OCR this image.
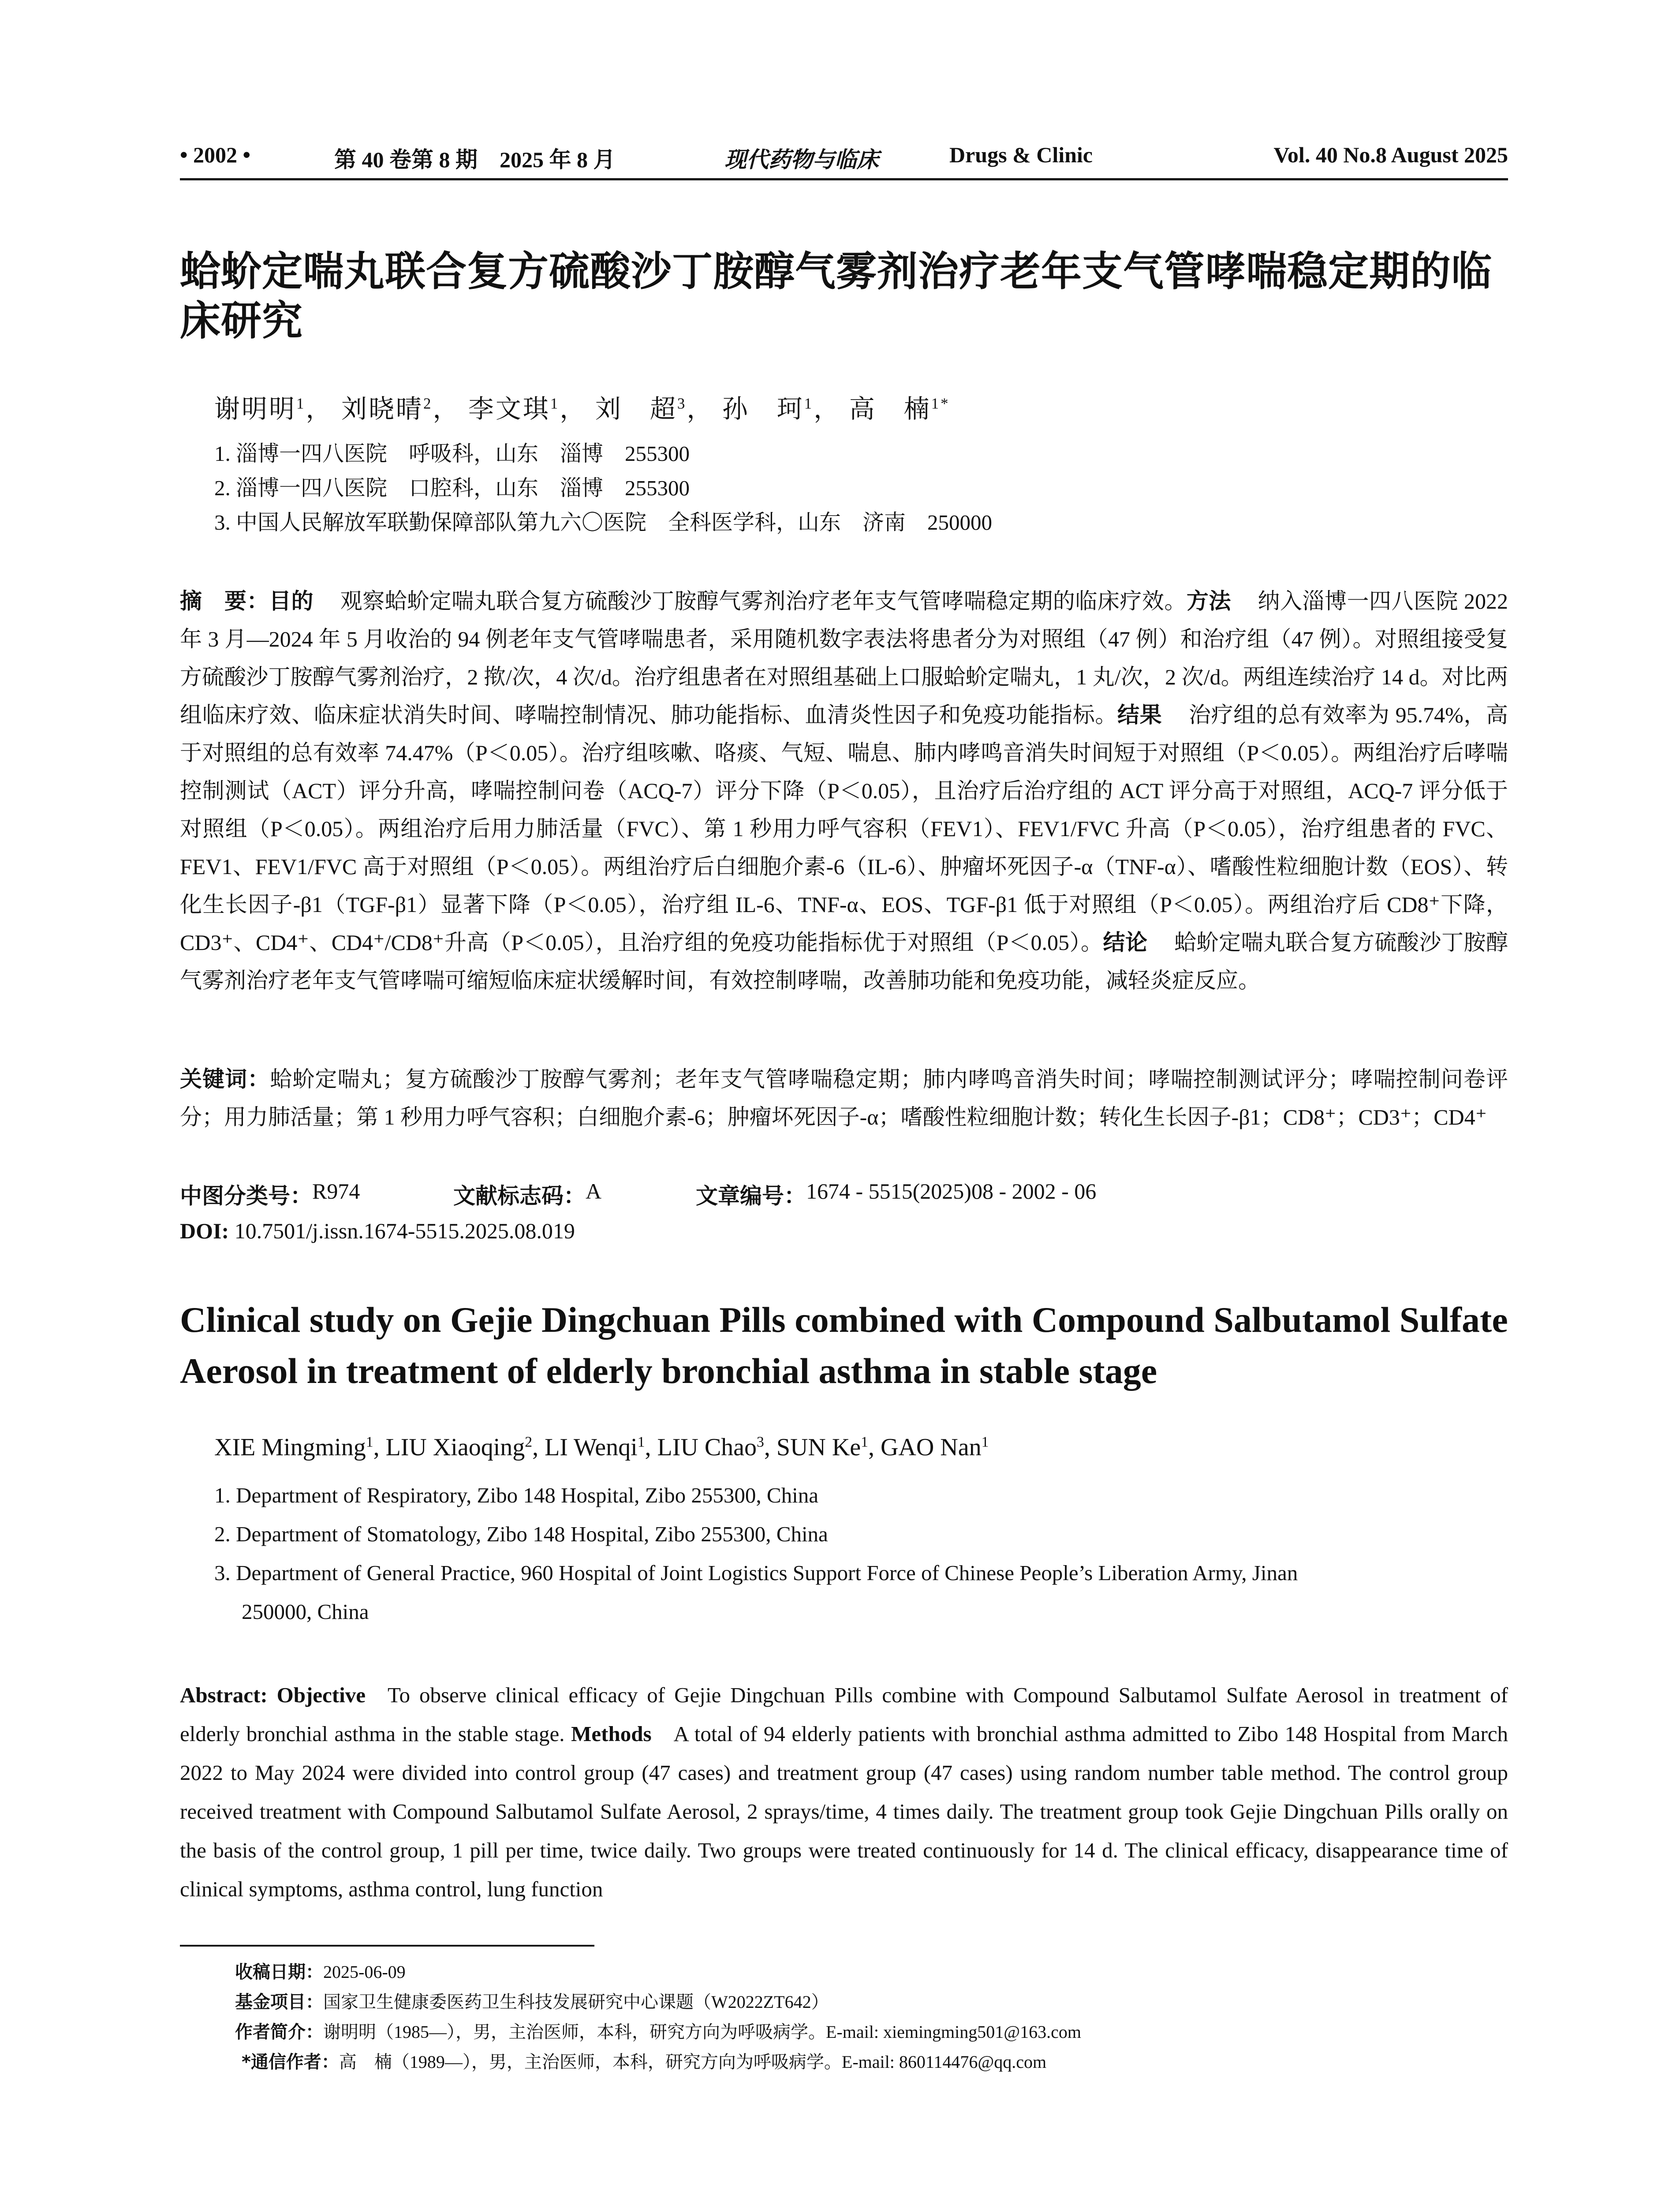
• 2002 •	第 40 卷第 8 期　2025 年 8 月	现代药物与临床	Drugs & Clinic	Vol. 40 No.8 August 2025
蛤蚧定喘丸联合复方硫酸沙丁胺醇气雾剂治疗老年支气管哮喘稳定期的临床研究
谢明明$^1$， 刘晓晴$^2$， 李文琪$^1$， 刘　超$^3$， 孙　珂$^1$， 高　楠$^{1*}$
1. 淄博一四八医院　呼吸科，山东　淄博　255300
2. 淄博一四八医院　口腔科，山东　淄博　255300
3. 中国人民解放军联勤保障部队第九六〇医院　全科医学科，山东　济南　250000
摘　要：目的 观察蛤蚧定喘丸联合复方硫酸沙丁胺醇气雾剂治疗老年支气管哮喘稳定期的临床疗效。方法 纳入淄博一四八医院 2022 年 3 月—2024 年 5 月收治的 94 例老年支气管哮喘患者，采用随机数字表法将患者分为对照组（47 例）和治疗组（47 例）。对照组接受复方硫酸沙丁胺醇气雾剂治疗，2 揿/次，4 次/d。治疗组患者在对照组基础上口服蛤蚧定喘丸，1 丸/次，2 次/d。两组连续治疗 14 d。对比两组临床疗效、临床症状消失时间、哮喘控制情况、肺功能指标、血清炎性因子和免疫功能指标。结果 治疗组的总有效率为 95.74%，高于对照组的总有效率 74.47%（P＜0.05）。治疗组咳嗽、咯痰、气短、喘息、肺内哮鸣音消失时间短于对照组（P＜0.05）。两组治疗后哮喘控制测试（ACT）评分升高，哮喘控制问卷（ACQ-7）评分下降（P＜0.05），且治疗后治疗组的 ACT 评分高于对照组，ACQ-7 评分低于对照组（P＜0.05）。两组治疗后用力肺活量（FVC）、第 1 秒用力呼气容积（FEV1）、FEV1/FVC 升高（P＜0.05），治疗组患者的 FVC、FEV1、FEV1/FVC 高于对照组（P＜0.05）。两组治疗后白细胞介素-6（IL-6）、肿瘤坏死因子-α（TNF-α）、嗜酸性粒细胞计数（EOS）、转化生长因子-β1（TGF-β1）显著下降（P＜0.05），治疗组 IL-6、TNF-α、EOS、TGF-β1 低于对照组（P＜0.05）。两组治疗后 CD8⁺下降，CD3⁺、CD4⁺、CD4⁺/CD8⁺升高（P＜0.05），且治疗组的免疫功能指标优于对照组（P＜0.05）。结论 蛤蚧定喘丸联合复方硫酸沙丁胺醇气雾剂治疗老年支气管哮喘可缩短临床症状缓解时间，有效控制哮喘，改善肺功能和免疫功能，减轻炎症反应。
关键词：蛤蚧定喘丸；复方硫酸沙丁胺醇气雾剂；老年支气管哮喘稳定期；肺内哮鸣音消失时间；哮喘控制测试评分；哮喘控制问卷评分；用力肺活量；第 1 秒用力呼气容积；白细胞介素-6；肿瘤坏死因子-α；嗜酸性粒细胞计数；转化生长因子-β1；CD8⁺；CD3⁺；CD4⁺
中图分类号： R974	文献标志码： A	文章编号： 1674 - 5515(2025)08 - 2002 - 06
DOI: 10.7501/j.issn.1674-5515.2025.08.019
Clinical study on Gejie Dingchuan Pills combined with Compound Salbutamol Sulfate Aerosol in treatment of elderly bronchial asthma in stable stage
XIE Mingming$^1$, LIU Xiaoqing$^2$, LI Wenqi$^1$, LIU Chao$^3$, SUN Ke$^1$, GAO Nan$^1$
1. Department of Respiratory, Zibo 148 Hospital, Zibo 255300, China
2. Department of Stomatology, Zibo 148 Hospital, Zibo 255300, China
3. Department of General Practice, 960 Hospital of Joint Logistics Support Force of Chinese People’s Liberation Army, Jinan
250000, China
Abstract: Objective To observe clinical efficacy of Gejie Dingchuan Pills combine with Compound Salbutamol Sulfate Aerosol in treatment of elderly bronchial asthma in the stable stage. Methods A total of 94 elderly patients with bronchial asthma admitted to Zibo 148 Hospital from March 2022 to May 2024 were divided into control group (47 cases) and treatment group (47 cases) using random number table method. The control group received treatment with Compound Salbutamol Sulfate Aerosol, 2 sprays/time, 4 times daily. The treatment group took Gejie Dingchuan Pills orally on the basis of the control group, 1 pill per time, twice daily. Two groups were treated continuously for 14 d. The clinical efficacy, disappearance time of clinical symptoms, asthma control, lung function
收稿日期：2025-06-09
基金项目：国家卫生健康委医药卫生科技发展研究中心课题（W2022ZT642）
作者简介：谢明明（1985—），男，主治医师，本科，研究方向为呼吸病学。E-mail: xiemingming501@163.com
*通信作者：高　楠（1989—），男，主治医师，本科，研究方向为呼吸病学。E-mail: 860114476@qq.com
